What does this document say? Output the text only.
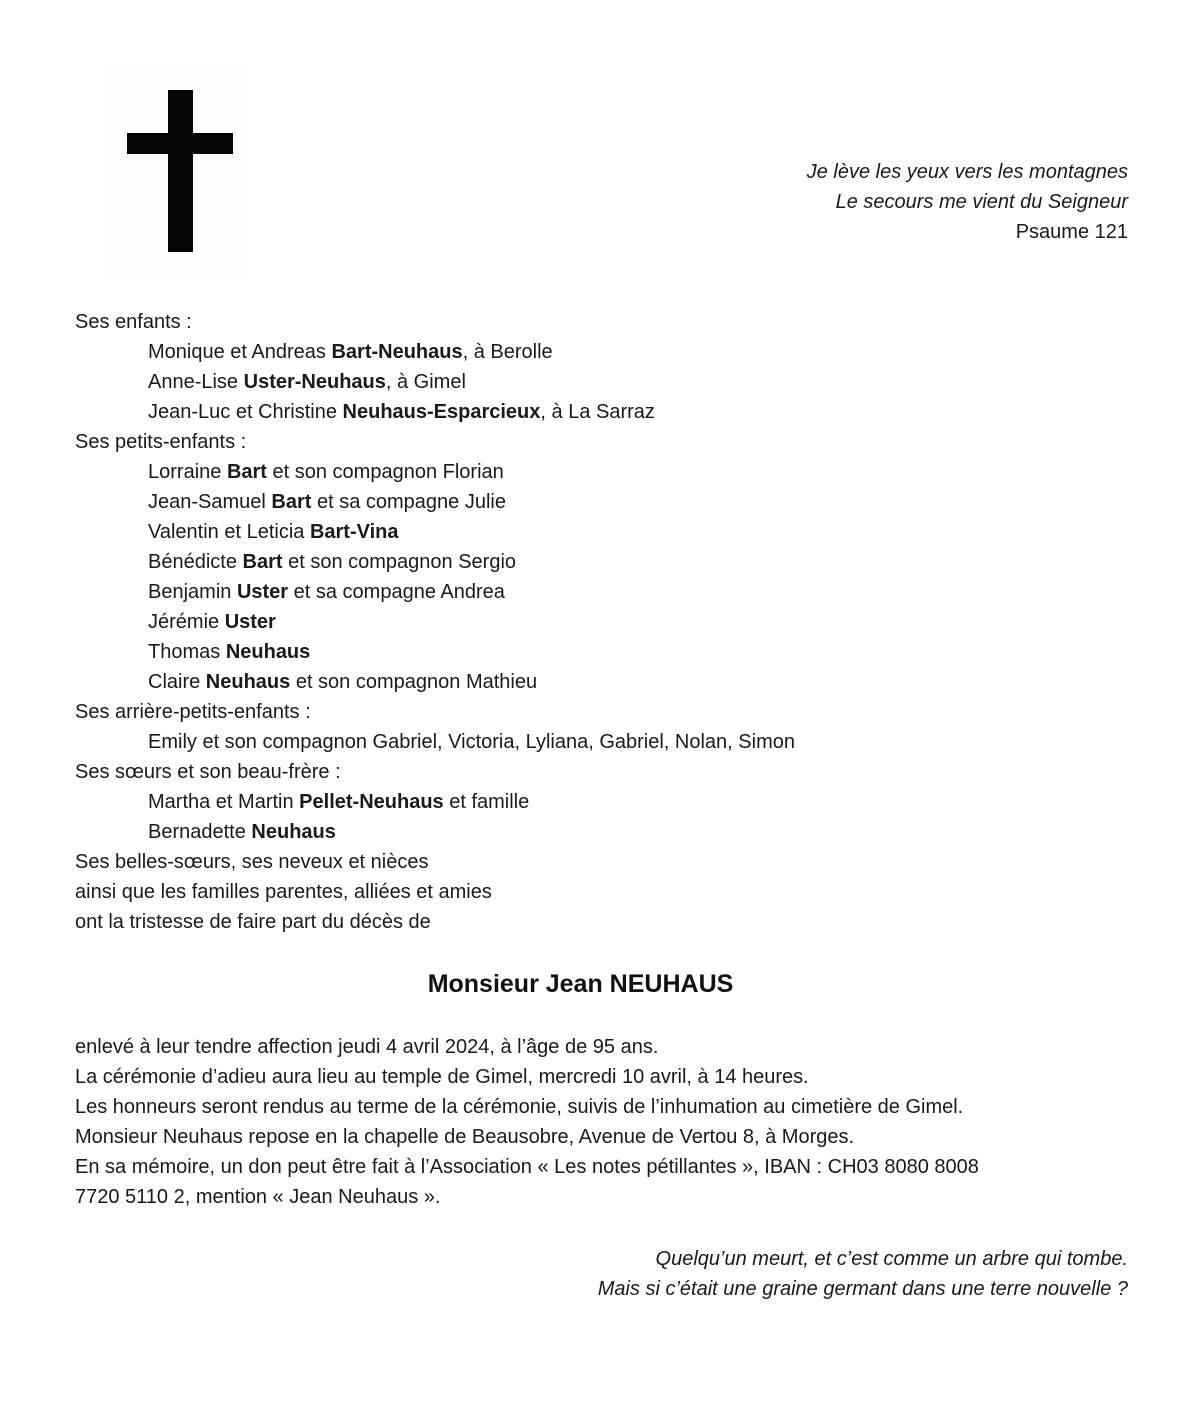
Je lève les yeux vers les montagnes
Le secours me vient du Seigneur
Psaume 121
Ses enfants :
Monique et Andreas Bart-Neuhaus, à Berolle
Anne-Lise Uster-Neuhaus, à Gimel
Jean-Luc et Christine Neuhaus-Esparcieux, à La Sarraz
Ses petits-enfants :
Lorraine Bart et son compagnon Florian
Jean-Samuel Bart et sa compagne Julie
Valentin et Leticia Bart-Vina
Bénédicte Bart et son compagnon Sergio
Benjamin Uster et sa compagne Andrea
Jérémie Uster
Thomas Neuhaus
Claire Neuhaus et son compagnon Mathieu
Ses arrière-petits-enfants :
Emily et son compagnon Gabriel, Victoria, Lyliana, Gabriel, Nolan, Simon
Ses sœurs et son beau-frère :
Martha et Martin Pellet-Neuhaus et famille
Bernadette Neuhaus
Ses belles-sœurs, ses neveux et nièces
ainsi que les familles parentes, alliées et amies
ont la tristesse de faire part du décès de
Monsieur Jean NEUHAUS
enlevé à leur tendre affection jeudi 4 avril 2024, à l’âge de 95 ans.
La cérémonie d’adieu aura lieu au temple de Gimel, mercredi 10 avril, à 14 heures.
Les honneurs seront rendus au terme de la cérémonie, suivis de l’inhumation au cimetière de Gimel.
Monsieur Neuhaus repose en la chapelle de Beausobre, Avenue de Vertou 8, à Morges.
En sa mémoire, un don peut être fait à l’Association « Les notes pétillantes », IBAN : CH03 8080 8008
7720 5110 2, mention « Jean Neuhaus ».
Quelqu’un meurt, et c’est comme un arbre qui tombe.
Mais si c’était une graine germant dans une terre nouvelle ?
